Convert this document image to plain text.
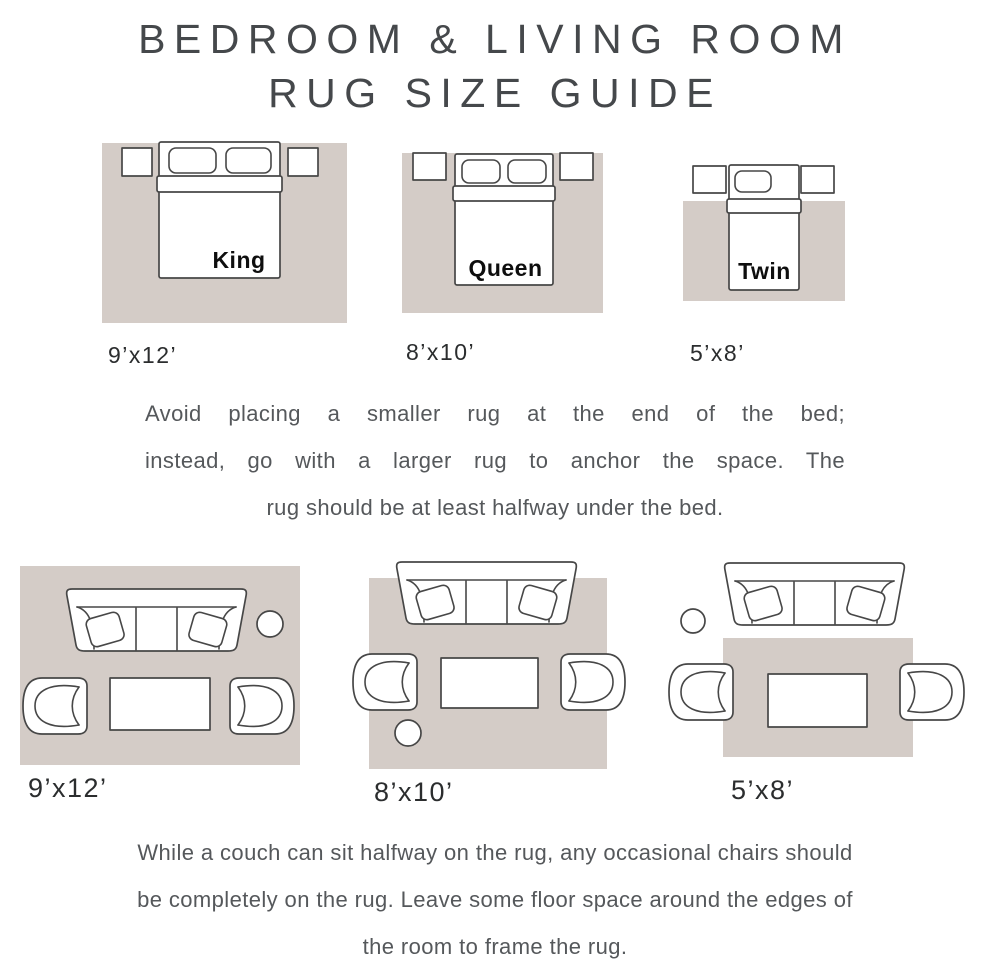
BEDROOM & LIVING ROOM
RUG SIZE GUIDE
King
9’x12’
Queen
8’x10’
Twin
5’x8’
Avoid placing a smaller rug at the end of the bed;
instead, go with a larger rug to anchor the space. The
rug should be at least halfway under the bed.
9’x12’	8’x10’	5’x8’
While a couch can sit halfway on the rug, any occasional chairs should
be completely on the rug. Leave some floor space around the edges of
the room to frame the rug.
